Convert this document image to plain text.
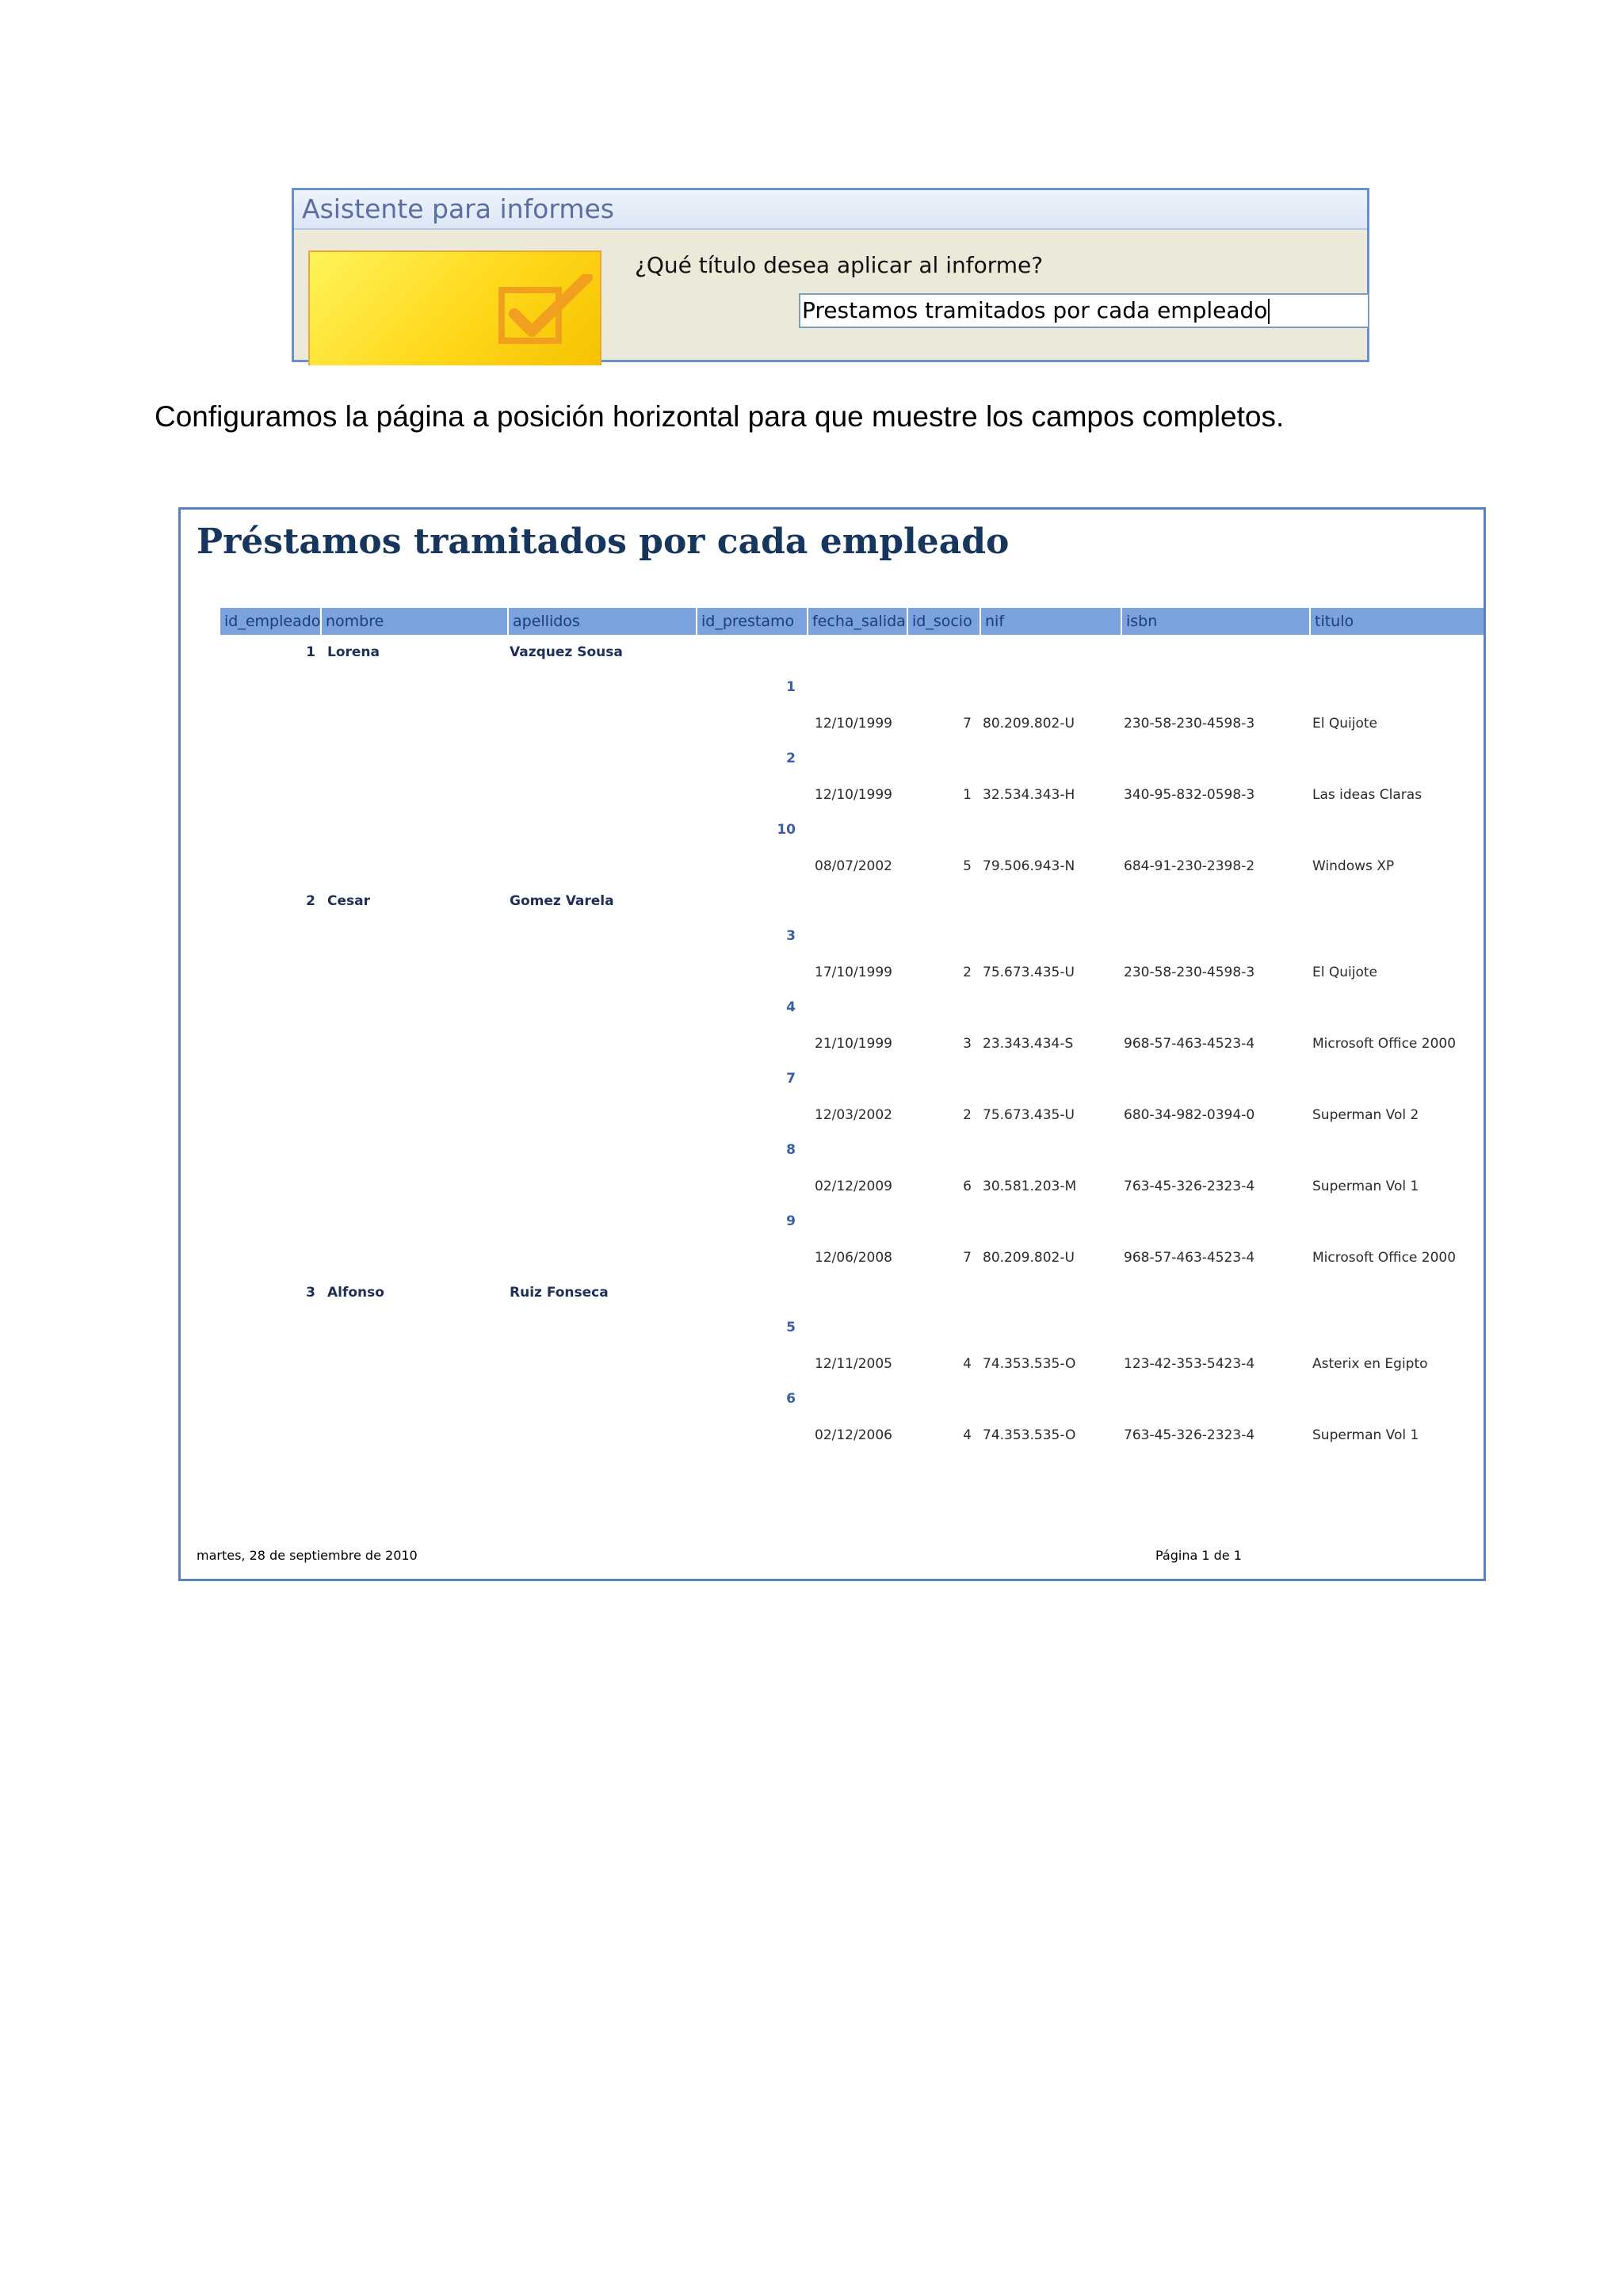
Asistente para informes
¿Qué título desea aplicar al informe?
Prestamos tramitados por cada empleado
Configuramos la página a posición horizontal para que muestre los campos completos.
Préstamos tramitados por cada empleado
id_empleado nombre	apellidos	id_prestamo	fecha_salida id_socio nif	isbn	titulo
1 Lorena	Vazquez Sousa
1
12/10/1999	7 80.209.802-U	230-58-230-4598-3	El Quijote
2
12/10/1999	1 32.534.343-H	340-95-832-0598-3	Las ideas Claras
10
08/07/2002	5 79.506.943-N	684-91-230-2398-2	Windows XP
2 Cesar	Gomez Varela
3
17/10/1999	2 75.673.435-U	230-58-230-4598-3	El Quijote
4
21/10/1999	3 23.343.434-S	968-57-463-4523-4	Microsoft Office 2000
7
12/03/2002	2 75.673.435-U	680-34-982-0394-0	Superman Vol 2
8
02/12/2009	6 30.581.203-M	763-45-326-2323-4	Superman Vol 1
9
12/06/2008	7 80.209.802-U	968-57-463-4523-4	Microsoft Office 2000
3 Alfonso	Ruiz Fonseca
5
12/11/2005	4 74.353.535-O	123-42-353-5423-4	Asterix en Egipto
6
02/12/2006	4 74.353.535-O	763-45-326-2323-4	Superman Vol 1
martes, 28 de septiembre de 2010	Página 1 de 1
